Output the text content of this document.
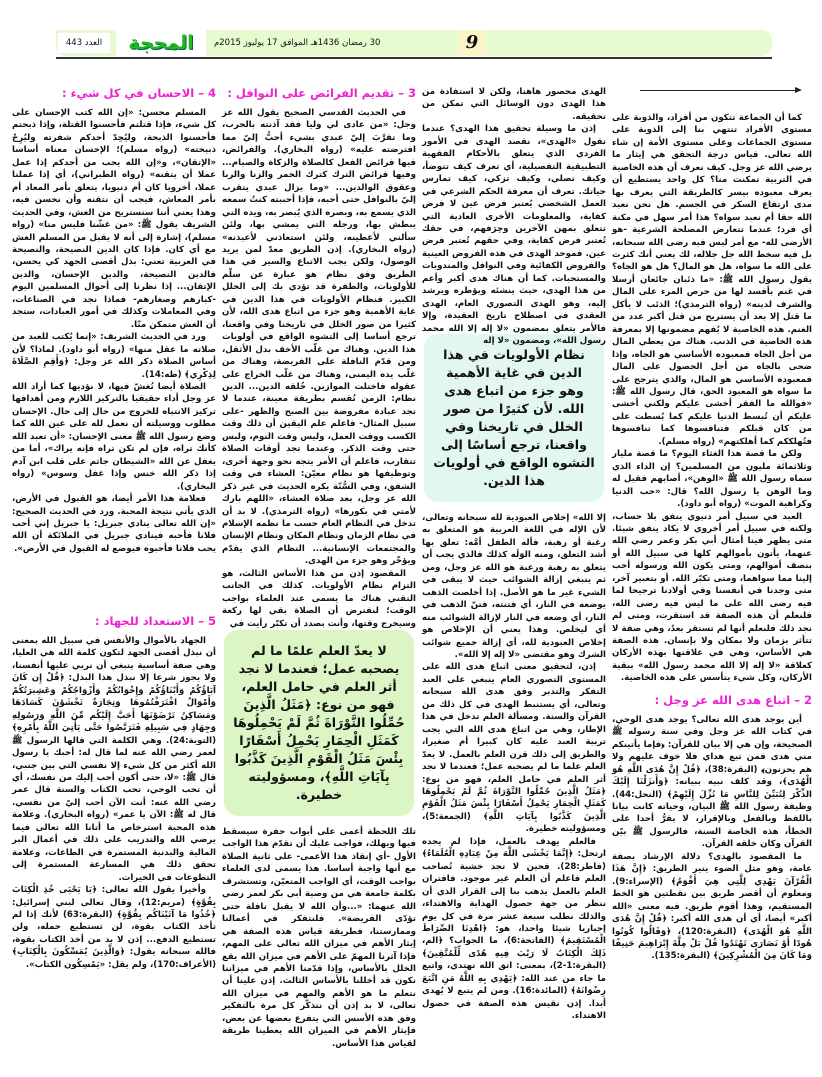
العدد 443	المحجة	30 رمضان 1436هـ الموافق 17 يوليوز 2015م	9

كما أن الجماعة تتكون من أفراد، والذوبة على مستوى الأفراد تنتهي بنا إلى الذوبة على مستوى الجماعات وعلى مستوى الأمة إن شاء الله تعالى. قياس درجة التحقق هي إيثار ما يرضي الله عز وجل. كيف نعرف أن هذه الخاصية في التربية تمكنت منا؟ كل واحد يستطيع أن يعرف معبوده بيسر كالطريقة التي يعرف بها مدى ارتفاع السكر في الجسم. هل نحن نعبد الله حقا أم نعبد سواه؟ هذا أمر سهل في مكنة أي فرد؛ عندما تتعارض المصلحة الشرعية -هو الأرضى لله- مع أمر ليس فيه رضى الله سبحانه، بل فيه سخط الله جل جلاله، لك يعني أنك كثرت على الله ما سواه، هل هو المال؟ هل هو الجاه؟ يقول رسول الله ﷺ: «ما ذئبان جائعان أرسلا في غنم بأفسد لها من حرص المرء على المال والشرف لدينه» (رواه الترمذي)؛ الذئب لا يأكل ما قتل إلا بعد أن يستريح من قتل أكبر عدد من الغنم. هذه الخاصية لا يُفهم مضمونها إلا بمعرفة هذه الخاصية في الذنب. هناك من يعطي المال من أجل الجاه فمعبوده الأساسي هو الجاه، وإذا ضحى بالجاه من أجل الحصول على المال فمعبوده الأساسي هو المال، والذي يترجح على ما سواه هو المعبود الحق، قال رسول الله ﷺ: «فوالله ما الفقر أخشى عليكم ولكني أخشى عليكم أن تُبسط الدنيا عليكم كما بُسطت على من كان قبلكم فتنافسوها كما تنافسوها فتُهلككم كما أهلكتهم» (رواه مسلم).

ولكن ما قصة هذا الغثاء اليوم؟ ما قصة مليار وثلاثمائة مليون من المسلمين؟ إن الداء الذي سماه رسول الله ﷺ «الوهن»، أصابهم فقيل له وما الوهن يا رسول الله؟ قال: «حب الدنيا وكراهية الموت» (رواه أبو داود).

العبد في سبيل أمر دنيوي ينفق بلا حساب، ولكنه في سبيل أمر أخروي لا يكاد ينفق شيئا. متى يظهر فينا أمثال أبي بكر وعمر رضي الله عنهما، يأتون بأموالهم كلها في سبيل الله أو بنصف أموالهم، ومتى يكون الله ورسوله أحب إلينا مما سواهما، ومتى تكبّر الله. أو بتعبير آخر، متى وجدنا في أنفسنا وفي أولادنا ترجيحا لما فيه رضى الله على ما ليس فيه رضى الله، فلنعلم أن هذه الصفة قد استقرت، ومتى لم نجد ذلك فلنعلم أنها لم تستقر بعدُ، وهي صفة لا تتأثر بزمان ولا بمكان ولا بإنسان. هذه الصفة هي الأساس، وهي في علاقتها بهذه الأركان كعلاقة «لا إله إلا الله محمد رسول الله» ببقية الأركان، وكل شيء يتأسس على هذه الخاصية.

2 – اتباع هدى الله عز وجل :

أين يوجد هدى الله تعالى؟ يوجد هدى الوحي، في كتاب الله عز وجل وفي سنة رسوله ﷺ الصحيحة، وإن هي إلا بيان للقرآن: ﴿فإما يأتينكم مني هدى فمن تبع هداي فلا خوف عليهم ولا هم يحزنون﴾ (البقرة:38)، ﴿قُلْ إِنَّ هُدَى اللَّهِ هُوَ الْهُدَى﴾، وقد كلف نبيه ببيانه: ﴿وَأَنزَلْنَا إِلَيْكَ الذِّكْرَ لِتُبَيِّنَ لِلنَّاسِ مَا نُزِّلَ إِلَيْهِمْ﴾ (النحل:44). وظيفة رسول الله ﷺ البيان، وحياته كانت بيانا باللفظ وبالفعل وبالإقرار، لا يقرُّ أحدا على الخطأ، هذه الخاصة السنة، فالرسول ﷺ بيّن القرآن وكان خلقه القرآن.

ما المقصود بالهدى؟ دلالة الإرشاد بصفة عامة، وهو مثل الضوء ينير الطريق: ﴿إِنَّ هَذَا الْقُرْآنَ يَهْدِي لِلَّتِي هِيَ أَقْوَمُ﴾ (الإسراء:9). ومعلوم أن أقصر طريق بين نقطتين هو الخط المستقيم، وهذا أقوم طريق. فيه معنى «الله أكبر» أيضا، أي أن هدى الله أكبر: ﴿قُلْ إِنَّ هُدَى اللَّهِ هُوَ الْهُدَى﴾ (البقرة:120)، ﴿وَقَالُوا كُونُوا هُودًا أَوْ نَصَارَى تَهْتَدُوا قُلْ بَلْ مِلَّةَ إِبْرَاهِيمَ حَنِيفًا وَمَا كَانَ مِنَ الْمُشْرِكِينَ﴾ (البقرة:135).

الهدى محصور هاهنا، ولكن لا استفادة من هذا الهدى دون الوسائل التي تمكن من تحقيقه.

إذن ما وسيلة تحقيق هذا الهدى؟ عندما نقول «الهدى»، نقصد الهدى في الأمور الفردي الذي يتعلق بالأحكام الفقهية التطبيقية التفصيلية، أي تعرف كيف تتوضأ، وكيف تصلي، وكيف تزكي، كيف تمارس حياتك. تعرف أن معرفة الحكم الشرعي في العمل الشخصي يُعتبر فرض عين لا فرض كفاية، والمعلومات الأخرى العادية التي تتعلق بمهن الآخرين وحِرَفهم، في حقك تُعتبر فرض كفاية، وفي حقهم تُعتبر فرض عين. فموحد الهدى في هذه الفروض العينية والفروض الكفائية وفي النوافل والمندوبات والمستحبات. كما أن هناك هدى أكبر وأعم من هذا الهدى، حيث ينشئه ويؤطره ويرشد إليه، وهو الهدى التصوري العام، الهدى العقدي في اصطلاح تاريخ العقيدة، وإلا فالأمر يتعلق بمضمون «لا إله إلا الله محمد رسول الله»، ومضمون «لا إله

نظام الأولويات في هذا الدين في غاية الأهمية وهو جزء من اتباع هدى الله. لأن كثيرًا من صور الخلل في تاريخنا وفي واقعنا، ترجع أساسًا إلى التشوه الواقع في أولويات هذا الدين.

إلا الله» إخلاص العبودية لله سبحانه وتعالى، لأن الإله في اللغة العربية هو المتعلق به رغبة أو رهبة، فأله الطفل أمَّه: تعلق بها أشد التعلق، ومنه الوَلَه كذلك فالذي يجب أن يتعلق به رهبة ورغبة هو الله عز وجل، ومن ثم ينبغي إزالة الشوائب حيث لا يبقى في الشيء غير ما هو الأصل. إذا أخلصت الذهب يوضعه في النار، أي فتنته، فتنّ الذهب في النار، أي وضعه في النار لإزالة الشوائب منه أي ليخلص. وهذا يعني أن الإخلاص هو إخلاص العبودية لله، أي إزالة جميع شوائب الشرك وهو مقتضى «لا إله إلا الله».

إذن، لتحقيق معنى اتباع هدى الله على المستوى التصوري العام ينبغي على العبد التفكر والتدبر وفق هدى الله سبحانه وتعالى، أي يستنبط الهدى في كل ذلك من القرآن والسنة. ومسألة العلم تدخل في هذا الإطار، وهي من اتباع هدى الله التي يجب تربية العبد عليه كان كبيرا أم صغيرا، والطريق إلى ذلك قرن العلم بالعمل. لا يعدّ العلم علما ما لم يصحبه عمل؛ فعندما لا نجد أثر العلم في حامل العلم، فهو من نوع: ﴿مَثَلُ الَّذِينَ حُمِّلُوا التَّوْرَاةَ ثُمَّ لَمْ يَحْمِلُوهَا كَمَثَلِ الْحِمَارِ يَحْمِلُ أَسْفَارًا بِئْسَ مَثَلُ الْقَوْمِ الَّذِينَ كَذَّبُوا بِآيَاتِ اللَّهِ﴾ (الجمعة:5)، ومسؤوليته خطيرة.

فالعلم يهدف بالعمل، فإذا لم يجده ارتحل: ﴿إِنَّمَا يَخْشَى اللَّهَ مِنْ عِبَادِهِ الْعُلَمَاءُ﴾ (فاطر:28). فحين لا تجد خشية تُصاحب العلم فاعلم أن العلم غير موجود. فافتران العلم بالعمل يذهب بنا إلى القرار الذي أن ننظر من جهة حصول الهداية والاهتداء، والذلك نطلب سبعة عشر مرة في كل يوم إجباريا شيئا واحدا، هو: ﴿اهْدِنَا الصِّرَاطَ الْمُسْتَقِيمَ﴾ (الفاتحة:6)، ما الجواب؟ ﴿الم، ذَلِكَ الْكِتَابُ لَا رَيْبَ فِيهِ هُدًى لِّلْمُتَّقِينَ﴾ (البقرة:1-2)، بمعنى: اتق الله تهتدي، واتبع ما جاء من عند الله: ﴿يَهْدِي بِهِ اللَّهُ مَنِ اتَّبَعَ رِضْوَانَهُ﴾ (المائدة:16). ومن لم يتبع لا يُهدى أبدا. إذن نقيس هذه الصفة في حصول الاهتداء.

3 – تقديم الفرائض على النوافل :

في الحديث القدسي الصحيح يقول الله عز وجل: «من عادى لي وليا فقد آذنته بالحرب، وما تقرَّبَ إليّ عبدي بشيء أحبُّ إليّ مما افترضته عليه» (رواه البخاري). والفرائض، فيها فرائض الفعل كالصلاة والزكاة والصيام... وفيها فرائض الترك كترك الخمر والزنا والربا وعقوق الوالدين... «وما يزال عبدي يتقرب إليّ بالنوافل حتى أحبه، فإذا أحببته كنتُ سمعه الذي يسمع به، وبصره الذي يُبصر به، ويده التي يبطش بها، ورجله التي يمشي بها، ولئن سألني لأعطينه، ولئن استعاذني لأعيذنه» (رواه البخاري). إذن الطريق معدّ لمن يريد الوصول، ولكن يجب الاتباع والسير في هذا الطريق وفق نظام هو عبارة عن سلّم للأولويات، والطفرة قد تؤدي بك إلى الخلل الكبير. فنظام الأولويات في هذا الدين في غاية الأهمية وهو جزء من اتباع هدى الله، لأن كثيرا من صور الخلل في تاريخنا وفي واقعنا، ترجع أساسا إلى التشوه الواقع في أولويات هذا الدين. وهناك من غلّب الأخف بدل الأثقل، ومن قدّم النافلة على الفريضة، وهناك من غلّب يده اليمنى، وهناك من غلّب الخراج على عقوله فاختلت الموازين. خُلقه الدين... الدين نظام: الزمن نُقسم بطريقة معينة، عندما لا تجد عبادة مفروضة بين الصبح والظهر -على سبيل المثال- فاعلم علم اليقين أن ذلك وقت الكسب ووقت العمل، وليس وقت النوم، وليس حتى وقت الذكر. وعندما تجد أوقات الصلاة تتقارب، فاعلم أن الأمر يتجه نحو وجهة أخرى، وتوظيفها هو نظام معيّن: العشاء في وقت الشفق، وفي السُّنّة يكره الحديث في غير ذكر الله عز وجل، بعد صلاة العشاء، «اللهم بارك لأمتي في بكورها» (رواه الترمذي). لا بد أن تدخل في النظام العام حسب ما نظمه الإسلام في نظام الزمان ونظام المكان ونظام الإنسان والمجتمعات الإنسانية... النظام الذي يقدّم ويؤخّر وهو جزء من الهدى.

المقصود إذن من هذا الأساس الثالث، هو التزام نظام الأولويات. كذلك في الجانب التقني هناك ما يسمى عند العلماء بواجب الوقت؛ لنفترض أن الصلاة بقي لها ركعة وسيخرج وقتها، وأنت بصدد أن تكبّر رأيت في

لا يعدّ العلم علمًا ما لم يصحبه عمل؛ فعندما لا نجد أثر العلم في حامل العلم، فهو من نوع: ﴿مَثَلُ الَّذِينَ حُمِّلُوا التَّوْرَاةَ ثُمَّ لَمْ يَحْمِلُوهَا كَمَثَلِ الْحِمَارِ يَحْمِلُ أَسْفَارًا بِئْسَ مَثَلُ الْقَوْمِ الَّذِينَ كَذَّبُوا بِآيَاتِ اللَّهِ﴾، ومسؤوليته خطيرة.

تلك اللحظة أعمى على أبواب حفرة سيسقط فيها ويهلك، فواجب عليك أن تقدّم هذا الواجب الأول -أي إنقاذ هذا الأعمى- على ثانية الصلاة مع أنها واجبة أساسا. هذا يسمى لدى العلماء بواجب الوقت، أي الواجب المتعيّن، وتستشرف بكلمة جامعة هي من وصية أبي بكر لعمر رضي الله عنهما: «...وأن الله لا يقبل نافلة حتى تؤدّى الفريضة». فلنتفكر في أعمالنا وممارستنا، فطريقة قياس هذه الصفة هي إيثار الأهم في ميزان الله تعالى على المهم، فإذا آثرنا المهمّ على الأهم في ميزان الله يقع الخلل بالأساس، وإذا قدّمنا الأهم في ميزاننا نكون قد أخللنا بالأساس الثالث. إذن علينا أن نتعلم ما هو الأهم والمهم في ميزان الله تعالى، لا بد إذن أن نتذكّر كل مرة بالتفكير وفق هذه الأسس التي يتفرع بعضها عن بعض، فإيثار الأهم في الميزان الله يعطينا طريقة لقياس هذا الأساس.

4 – الاحسان في كل شيء :

المسلم محسن: «إن الله كتب الإحسان على كل شيء، فإذا قتلتم فأحسنوا القتلة، وإذا ذبحتم فأحسنوا الذبحة، وليُحِدّ أحدكم شفرته وليُرِحْ ذبيحته» (رواه مسلم)؛ الإحسان معناه أساسا «الإتقان»، و«إن الله يحب من أحدكم إذا عمل عملا أن يتقنه» (رواه الطبراني)، أي إذا عملنا عملا، أخرويا كان أم دنيويا، يتعلق بأمر المعاد أم بأمر المعاش، فيجب أن نتقنه وأن نحسن فيه، وهذا يعني أننا سنستريح من الغش، وفي الحديث الشريف يقول ﷺ: «من غشّنا فليس منا» (رواه مسلم)، إشارة إلى أنه لا يقبل من المسلم الغش مع أي كان. فإذا كان الدين النصيحة، والنصيحة في العربية تعني: بذل أقصى الجهد كي يحسن، فالدين النصيحة، والدين الإحسان، والدين الإتقان... إذا نظرنا إلى أحوال المسلمين اليوم -كبارهم وصغارهم- فماذا نجد في الصناعات، وفي المعاملات وكذلك في أمور العبادات، ستجد أن الغش متمكن منّا.

ورد في الحديث الشريف: «إنما يُكتب للعبد من صلاته ما عقل منها» (رواه أبو داود). لماذا؟ لأن أساس الصلاة ذكر الله عز وجل: ﴿وَأَقِمِ الصَّلَاةَ لِذِكْرِي﴾ (طه:14).

الصلاة أيضا نُغشّ فيها، لا نؤديها كما أراد الله عز وجل أداء حقيقيا بالتركيز اللازم ومن أهدافها تركيز الانتباه للخروج من حال إلى حال. الإحسان مطلوب ووسيلته أن نعمل لله على عين الله كما وضع رسول الله ﷺ معنى الإحسان: «أن تعبد الله كأنك تراه، فإن لم تكن تراه فإنه يراك»، أما من يغفل عن الله «الشيطان جاثم على قلب ابن آدم إذا ذكر الله خنس وإذا غفل وسوس» (رواه البخاري).

فعلامة هذا الأمر أيضا، هو القبول في الأرض، الذي يأتي نتيجة المحبة. ورد في الحديث الصحيح: «إن الله تعالى ينادي جبريل: يا جبريل إني أحب فلانا فأحبه فينادي جبريل في الملائكة أن الله يحب فلانا فأحبوه فيوضع له القبول في الأرض».

5 – الاستعداد للجهاد :

الجهاد بالأموال والأنفس في سبيل الله بمعنى أن نبذل أقصى الجهد لتكون كلمة الله هي العليا، وهي صفة أساسية ينبغي أن نربي عليها أنفسنا، ولا يجوز شرعا إلا نبذل هذا البذل: ﴿قُلْ إِن كَانَ آبَاؤُكُمْ وَأَبْنَاؤُكُمْ وَإِخْوَانُكُمْ وَأَزْوَاجُكُمْ وَعَشِيرَتُكُمْ وَأَمْوَالٌ اقْتَرَفْتُمُوهَا وَتِجَارَةٌ تَخْشَوْنَ كَسَادَهَا وَمَسَاكِنُ تَرْضَوْنَهَا أَحَبَّ إِلَيْكُم مِّنَ اللَّهِ وَرَسُولِهِ وَجِهَادٍ فِي سَبِيلِهِ فَتَرَبَّصُوا حَتَّى يَأْتِيَ اللَّهُ بِأَمْرِهِ﴾ (التوبة:24). وهي الكلمة التي قالها الرسول ﷺ لعمر رضي الله عنه لما قال له: أحبك يا رسول الله أكثر من كل شيء إلا نفسي التي بين جنبي، قال ﷺ: «لا، حتى أكون أحب إليك من نفسك، أي أن تحب الوحي، تحب الكتاب والسنة قال عمر رضي الله عنه: أنت الآن أحب إليّ من نفسي. قال له ﷺ: الآن يا عمر» (رواه البخاري). وعلامة هذه المحبة استرخاص ما أتانا الله تعالى فيما يرضي الله والتدريب على ذلك في أعمال البر المالية والبدنية المستمرة في الطاعات، وعلامة تحقق ذلك هي المسارعة المستمرة إلى التطوعات في الخيرات.

وأخيرا يقول الله تعالى: ﴿يَا يَحْيَى خُذِ الْكِتَابَ بِقُوَّةٍ﴾ (مريم:12)، وقال تعالى لبني إسرائيل: ﴿خُذُوا مَا آتَيْنَاكُم بِقُوَّةٍ﴾ (البقرة:63) لأنك إذا لم تأخذ الكتاب بقوة، لن تستطيع حمله، ولن تستطيع الدفع... إذن لا بد من أخذ الكتاب بقوة، فالله سبحانه يقول: ﴿وَالَّذِينَ يُمَسِّكُونَ بِالْكِتَابِ﴾ (الأعراف:170)، ولم يقل: «يَمْسِكُون الكتاب».
